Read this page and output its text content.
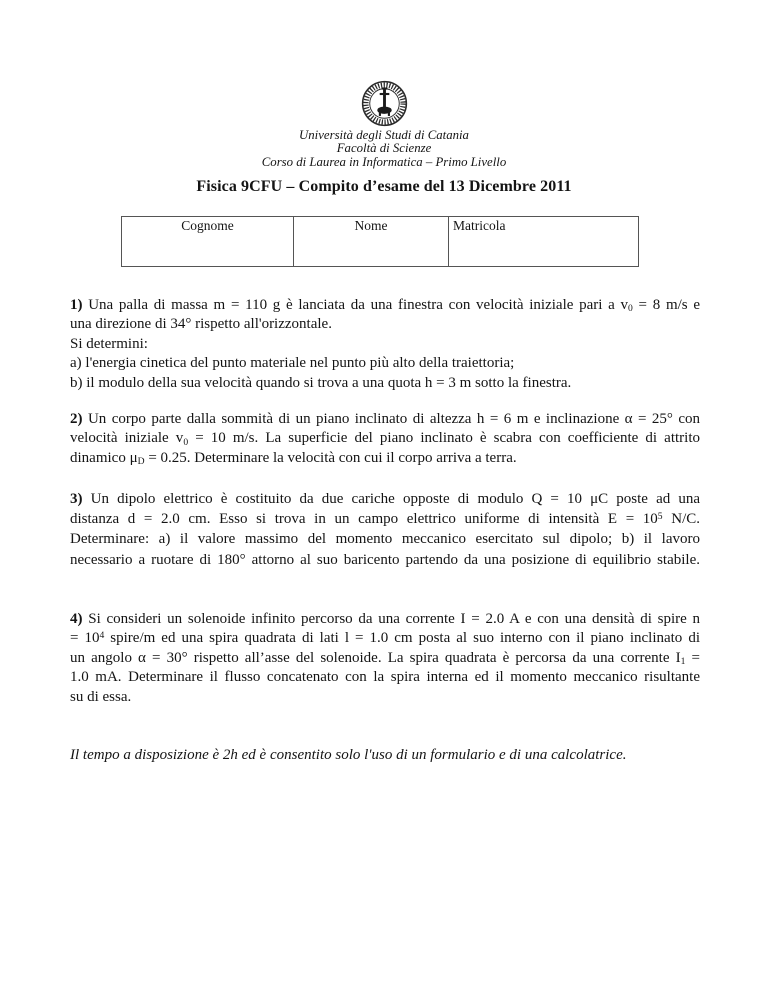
Università degli Studi di Catania
Facoltà di Scienze
Corso di Laurea in Informatica – Primo Livello
Fisica 9CFU – Compito d’esame del 13 Dicembre 2011
Cognome	Nome	Matricola
1) Una palla di massa m = 110 g è lanciata da una finestra con velocità iniziale pari a $v_0 = 8$ m/s e
una direzione di 34° rispetto all'orizzontale.
Si determini:
a) l'energia cinetica del punto materiale nel punto più alto della traiettoria;
b) il modulo della sua velocità quando si trova a una quota h = 3 m sotto la finestra.
2) Un corpo parte dalla sommità di un piano inclinato di altezza h = 6 m e inclinazione α = 25° con
velocità iniziale $v_0 = 10$ m/s. La superficie del piano inclinato è scabra con coefficiente di attrito
dinamico $\mu_D = 0.25$. Determinare la velocità con cui il corpo arriva a terra.
3) Un dipolo elettrico è costituito da due cariche opposte di modulo Q = 10 μC poste ad una
distanza d = 2.0 cm. Esso si trova in un campo elettrico uniforme di intensità $E = 10^5$ N/C.
Determinare: a) il valore massimo del momento meccanico esercitato sul dipolo; b) il lavoro
necessario a ruotare di 180° attorno al suo baricento partendo da una posizione di equilibrio stabile.
4) Si consideri un solenoide infinito percorso da una corrente I = 2.0 A e con una densità di spire n
= $10^4$ spire/m ed una spira quadrata di lati l = 1.0 cm posta al suo interno con il piano inclinato di
un angolo α = 30° rispetto all’asse del solenoide. La spira quadrata è percorsa da una corrente $I_1$ =
1.0 mA. Determinare il flusso concatenato con la spira interna ed il momento meccanico risultante
su di essa.
Il tempo a disposizione è 2h ed è consentito solo l'uso di un formulario e di una calcolatrice.
